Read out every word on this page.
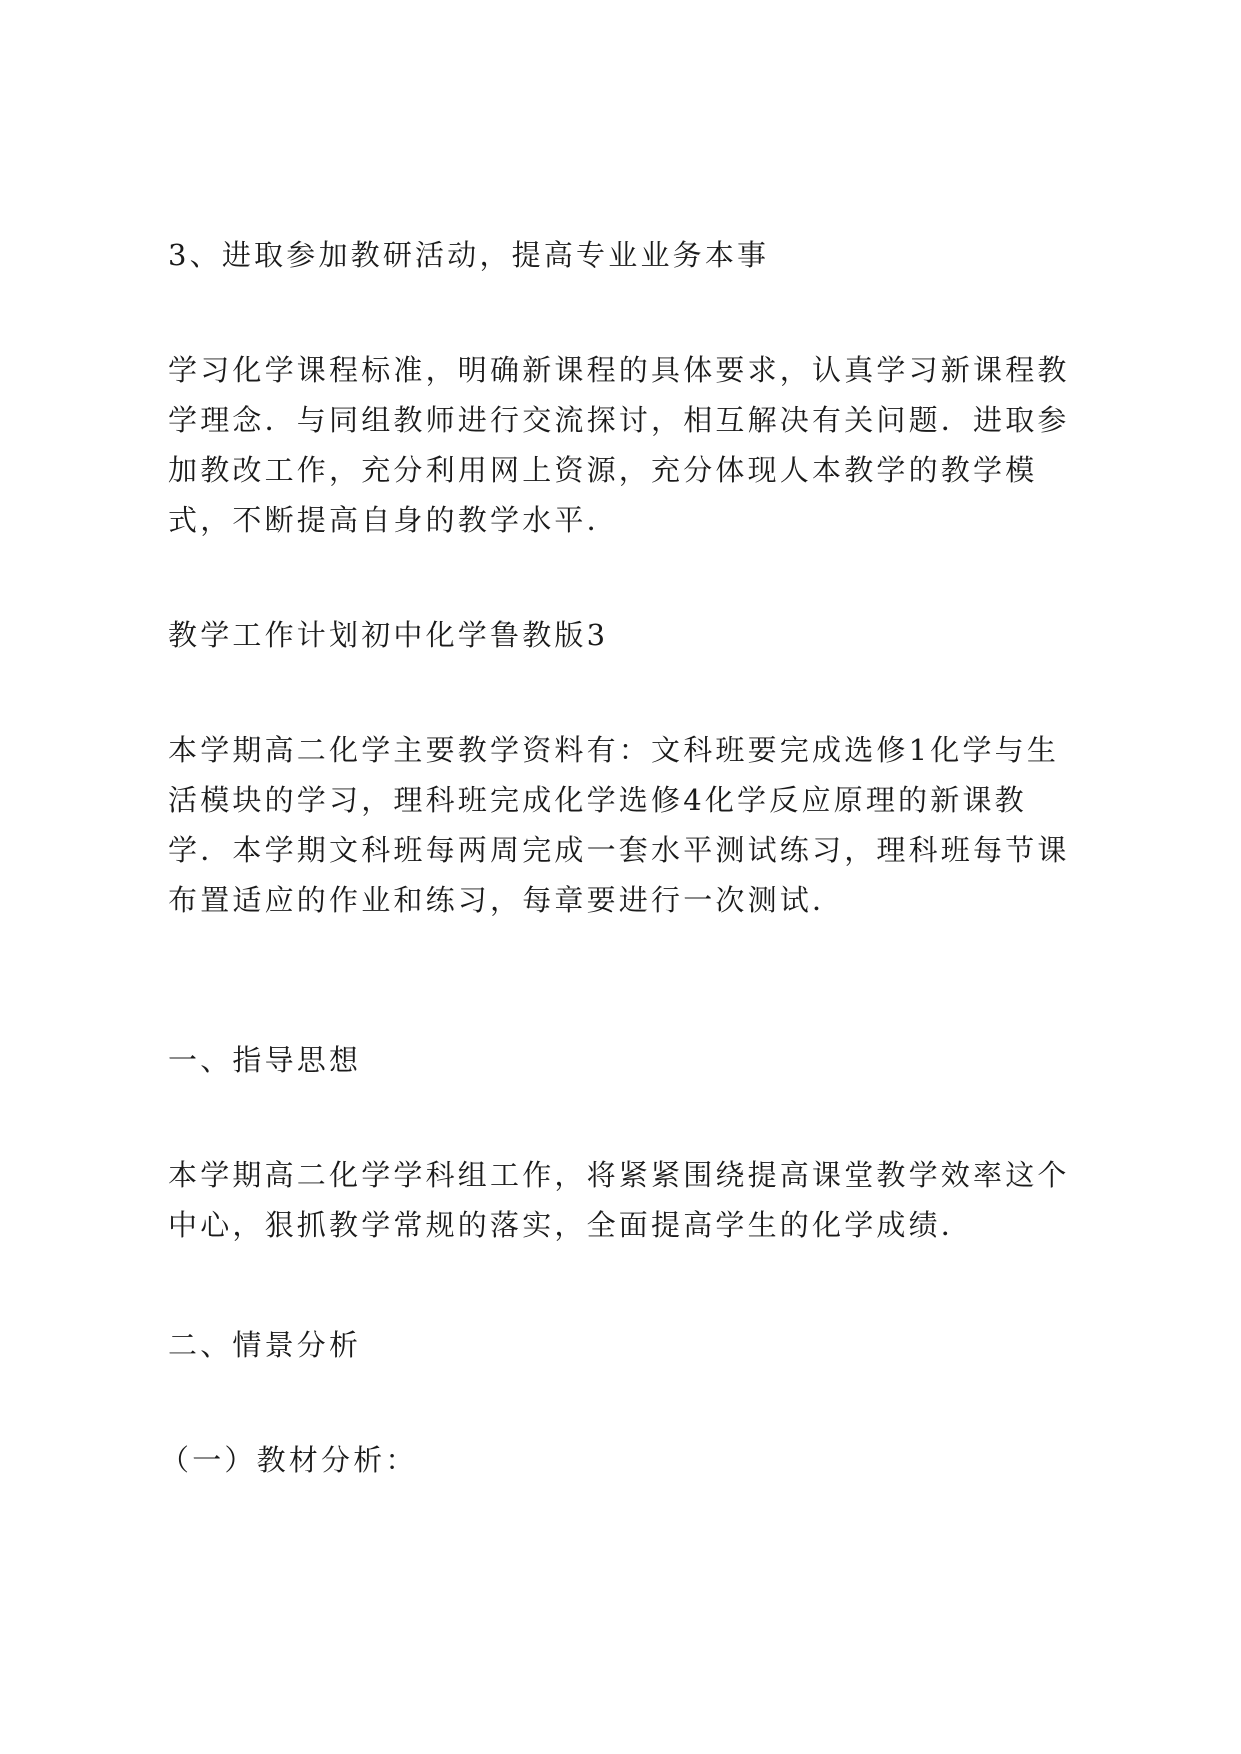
3、进取参加教研活动，提高专业业务本事

学习化学课程标准，明确新课程的具体要求，认真学习新课程教学理念．与同组教师进行交流探讨，相互解决有关问题．进取参加教改工作，充分利用网上资源，充分体现人本教学的教学模式，不断提高自身的教学水平．

教学工作计划初中化学鲁教版3

本学期高二化学主要教学资料有：文科班要完成选修1化学与生活模块的学习，理科班完成化学选修4化学反应原理的新课教学．本学期文科班每两周完成一套水平测试练习，理科班每节课布置适应的作业和练习，每章要进行一次测试．

一、指导思想

本学期高二化学学科组工作，将紧紧围绕提高课堂教学效率这个中心，狠抓教学常规的落实，全面提高学生的化学成绩．

二、情景分析

（一）教材分析：
